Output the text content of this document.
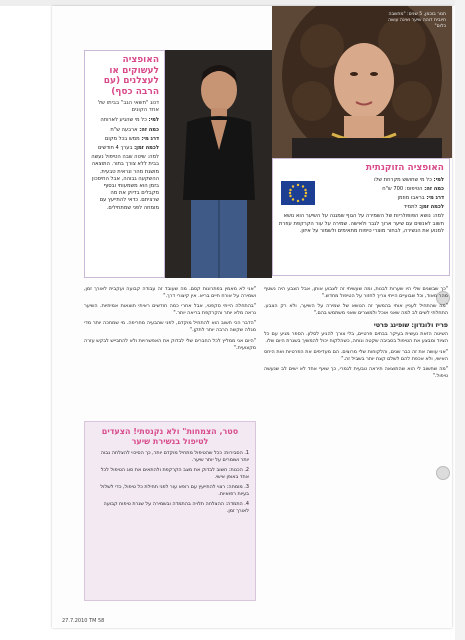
תמר בוכמן, 5 שנים: "מחשבה חיובית דוהה שיער ואינה עושה כלום"
·
האופציה הזוקנתית

למי: כל מי שחושש מקרחת שלו

כמה זה: הטיפוס: 700 ש"ח

דרג מי: בראבו מוזמן

לכמה זמן: לתמיד

למה: נושא הפופולריות של השמירה על הגוף שמגנה על השיער הוא נושא חשוב לאנשים עם שיער ארוך לגבר ולאישה. שמירה על עור הקרקפת עוזרת למנוע את הנשירה, לבחור מוצרי טיפוח מתאימים ולשמור על איזון.

האופציה לעשוקים או לעצלנים (עם הרבה כסף)
דנוג "חשאי הגב" בביתו של אחד הקונים

למי: כל מי שהגיע לארוחה

כמה זה: ארבעה ש"ח

דרג מי: ממש בכל מקום

לכמה זמן: בערך 4 חודשים

למה: שיטה שבה הטיפול נעשה בבית ללא צורך בתור. התוצאה מושגת מהר ונראית טבעית. ההשקעה גבוהה, אבל החיסכון בזמן הוא משמעותי ובסוף מקבלים בדיוק את מה שרציתם. כדאי להתייעץ עם מומחה לפני שמתחילים.

"כך שבשנים שלי היו שערות לבנות, ומה שעשיתי זה לצבוע אותן, אבל הצבע היה נשטף מהר מאוד, וכל שבועיים הייתי צריך לחזור על הטיפול מחדש."

"מה שהתחיל לעניין אותי בהמשך זה הנושא של שמירה על השיער, ולא רק הצבע. התחלתי לשים לב למה שאני אוכל ולמוצרים שאני משתמש בהם."

פריז ולונדון: שופינג פרטי

השיטה הזאת נעשית בעיקר בבתים פרטיים, בלי צורך להגיע לסלון. הספר מגיע עם כל הציוד ומבצע את הטיפול בסביבה שקטה ונוחה, כשהלקוח יכול להמשיך בשגרת היום שלו.

"אני עושה את זה כבר שנים, והלקוחות שלי מרוצים. הם מעדיפים את הפרטיות ואת היחס האישי, ולא אכפת להם לשלם קצת יותר בשביל זה."

"מה שחשוב לי הוא שהתוצאה תיראה טבעית לגמרי, כך שאף אחד לא ישים לב שנעשה טיפול."

"אני לא מאמין בפתרונות קסם. מה שעובד זה עבודה קבועה ועקבית לאורך זמן, ושמירה על אורח חיים בריא. אין קיצורי דרך."

"בהתחלה הייתי סקפטי, אבל אחרי כמה חודשים ראיתי תוצאות אמיתיות. השיער נראה מלא יותר והקרקפת בריאה יותר."

"הדבר הכי חשוב הוא להתחיל מוקדם, לפני שהבעיה מחריפה. מי שמחכה יותר מדי מגלה שקשה הרבה יותר לתקן."

"היום אני ממליץ לכל החברים שלי לבדוק את האפשרויות ולא להתבייש לבקש עזרה מקצועית."

סטר, הצמחות" ולא נקנסתי! הצעדים לטיפול בנשירת שיער

1. הסבירות: ככל שהטיפול מתחיל מוקדם יותר, כך הסיכוי להצלחה גבוה יותר ושומרים על יותר שיער.

2. הכנות: חשוב לבדוק את מצב הקרקפת ולהתאים את סוג הטיפול לכל אחד באופן אישי.

3. מומחה: רצוי להתייעץ עם רופא עור לפני תחילת כל טיפול, כדי לשלול בעיות רפואיות.

4. התמדה: ההצלחה תלויה בהתמדה ובשמירה על שגרת טיפוח קבועה לאורך זמן.

27.7.2010 TM 58
